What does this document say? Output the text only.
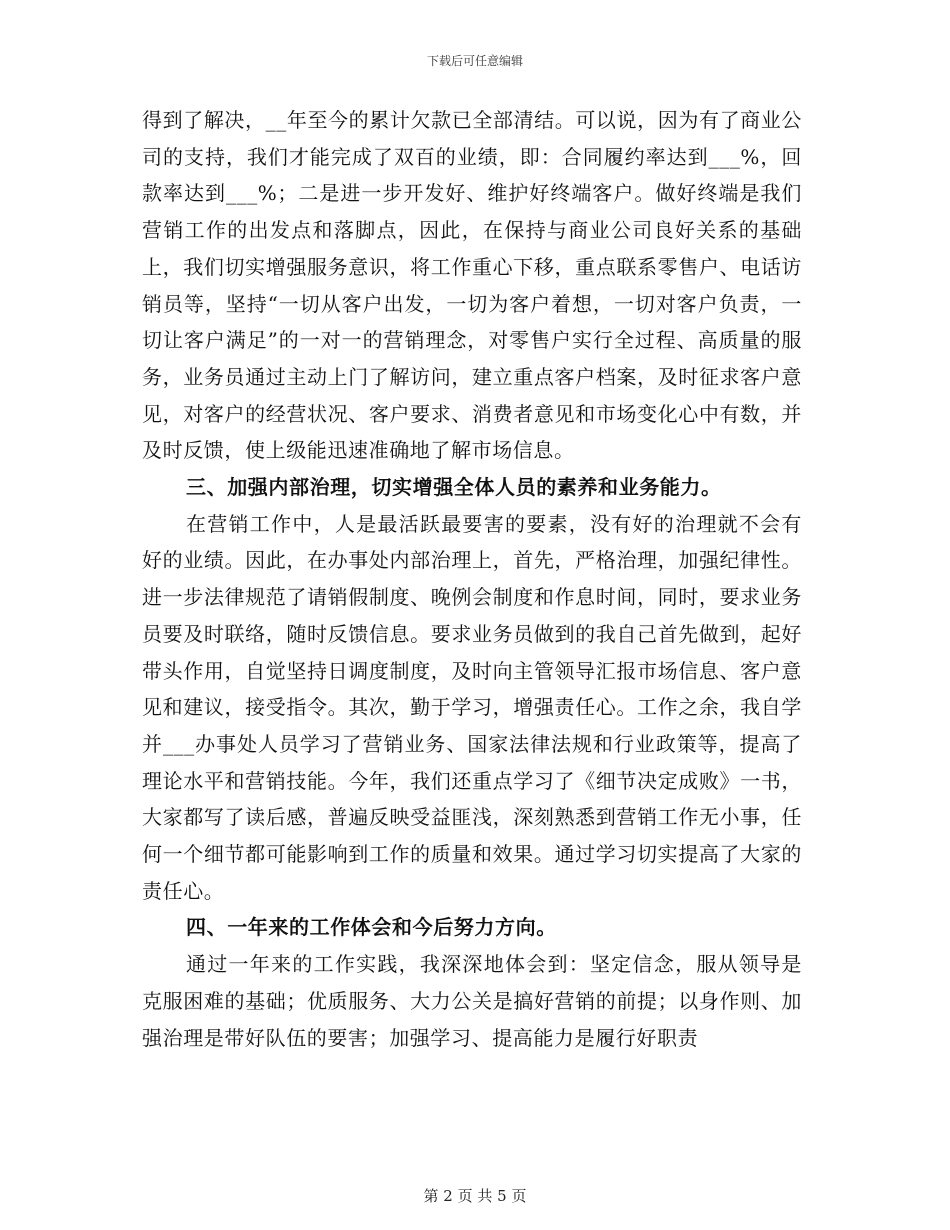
下载后可任意编辑

得到了解决，__年至今的累计欠款已全部清结。可以说，因为有了商业公司的支持，我们才能完成了双百的业绩，即：合同履约率达到___%，回款率达到___%；二是进一步开发好、维护好终端客户。做好终端是我们营销工作的出发点和落脚点，因此，在保持与商业公司良好关系的基础上，我们切实增强服务意识，将工作重心下移，重点联系零售户、电话访销员等，坚持“一切从客户出发，一切为客户着想，一切对客户负责，一切让客户满足”的一对一的营销理念，对零售户实行全过程、高质量的服务，业务员通过主动上门了解访问，建立重点客户档案，及时征求客户意见，对客户的经营状况、客户要求、消费者意见和市场变化心中有数，并及时反馈，使上级能迅速准确地了解市场信息。

三、加强内部治理，切实增强全体人员的素养和业务能力。

在营销工作中，人是最活跃最要害的要素，没有好的治理就不会有好的业绩。因此，在办事处内部治理上，首先，严格治理，加强纪律性。进一步法律规范了请销假制度、晚例会制度和作息时间，同时，要求业务员要及时联络，随时反馈信息。要求业务员做到的我自己首先做到，起好带头作用，自觉坚持日调度制度，及时向主管领导汇报市场信息、客户意见和建议，接受指令。其次，勤于学习，增强责任心。工作之余，我自学并___办事处人员学习了营销业务、国家法律法规和行业政策等，提高了理论水平和营销技能。今年，我们还重点学习了《细节决定成败》一书，大家都写了读后感，普遍反映受益匪浅，深刻熟悉到营销工作无小事，任何一个细节都可能影响到工作的质量和效果。通过学习切实提高了大家的责任心。

四、一年来的工作体会和今后努力方向。

通过一年来的工作实践，我深深地体会到：坚定信念，服从领导是克服困难的基础；优质服务、大力公关是搞好营销的前提；以身作则、加强治理是带好队伍的要害；加强学习、提高能力是履行好职责

第 2 页 共 5 页
